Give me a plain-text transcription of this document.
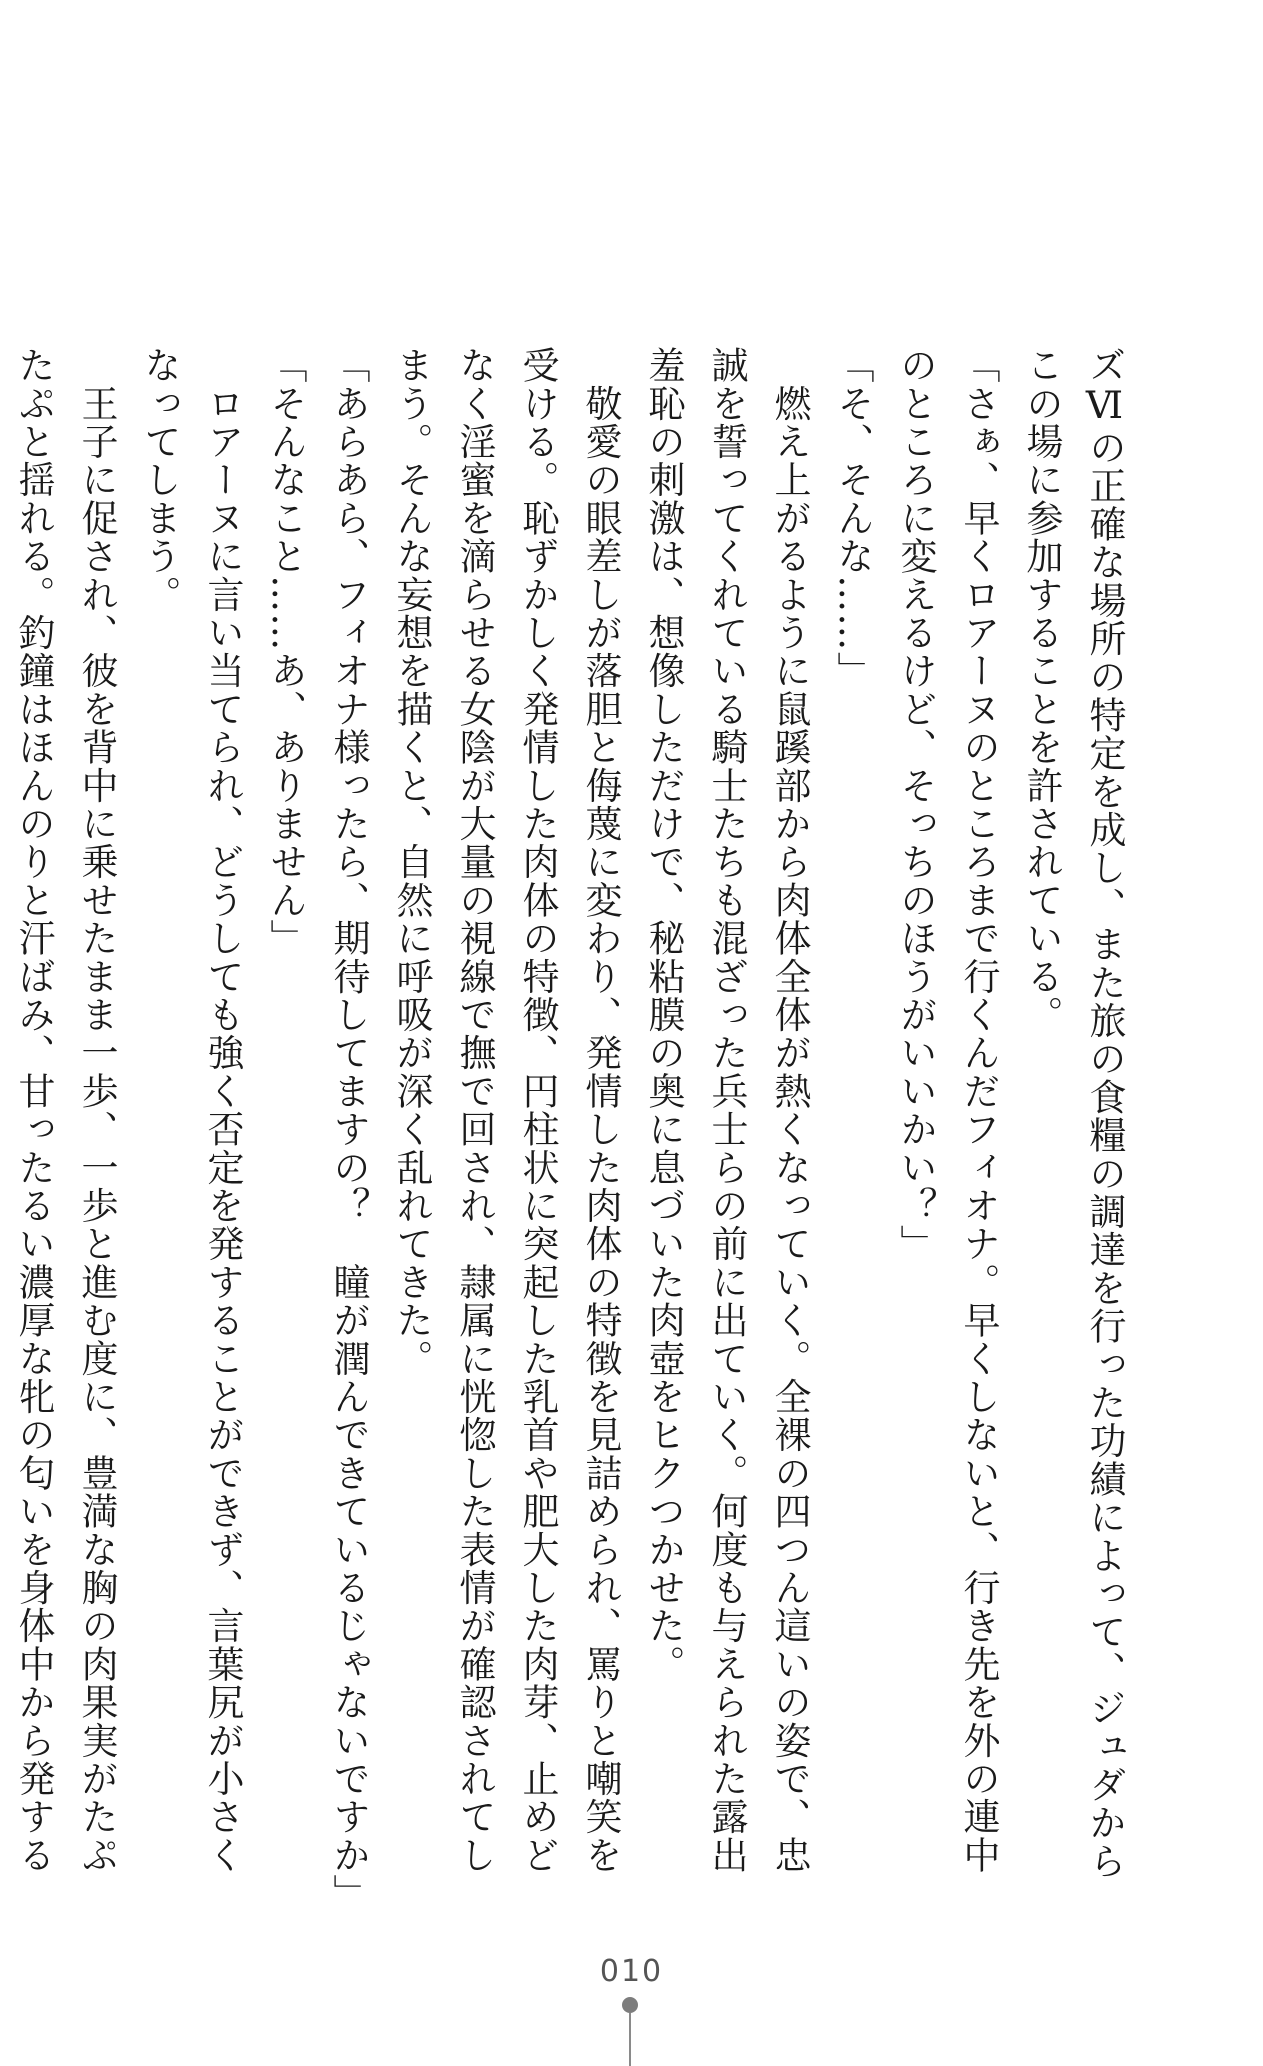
ズⅥの正確な場所の特定を成し、また旅の食糧の調達を行った功績によって、ジュダから
この場に参加することを許されている。
「さぁ、早くロアーヌのところまで行くんだフィオナ。早くしないと、行き先を外の連中
のところに変えるけど、そっちのほうがいいかい？」
「そ、そんな……」
　燃え上がるように鼠蹊部から肉体全体が熱くなっていく。全裸の四つん這いの姿で、忠
誠を誓ってくれている騎士たちも混ざった兵士らの前に出ていく。何度も与えられた露出
羞恥の刺激は、想像しただけで、秘粘膜の奥に息づいた肉壺をヒクつかせた。
　敬愛の眼差しが落胆と侮蔑に変わり、発情した肉体の特徴を見詰められ、罵りと嘲笑を
受ける。恥ずかしく発情した肉体の特徴、円柱状に突起した乳首や肥大した肉芽、止めど
なく淫蜜を滴らせる女陰が大量の視線で撫で回され、隷属に恍惚した表情が確認されてし
まう。そんな妄想を描くと、自然に呼吸が深く乱れてきた。
「あらあら、フィオナ様ったら、期待してますの？　瞳が潤んできているじゃないですか」
「そんなこと……あ、ありません」
　ロアーヌに言い当てられ、どうしても強く否定を発することができず、言葉尻が小さく
なってしまう。
　王子に促され、彼を背中に乗せたまま一歩、一歩と進む度に、豊満な胸の肉果実がたぷ
たぷと揺れる。釣鐘はほんのりと汗ばみ、甘ったるい濃厚な牝の匂いを身体中から発する
010
